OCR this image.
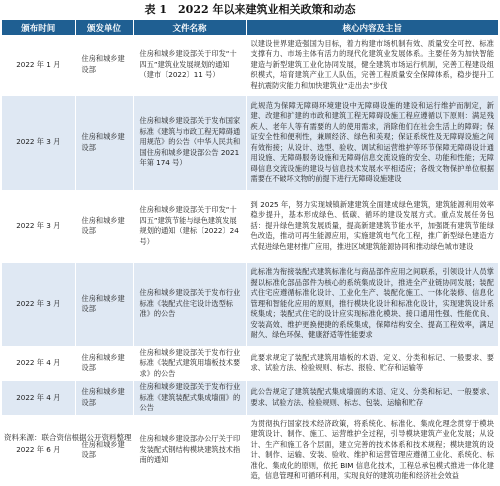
表 1　2022 年以来建筑业相关政策和动态
颁布时间	颁发单位	文件名称	核心内容及主旨
2022 年 1 月	住房和城乡建设部	住房和城乡建设部关于印发“十四五”建筑业发展规划的通知（建市〔2022〕11 号）	以建设世界建造强国为目标，着力构建市场机制有效、质量安全可控、标准支撑有力、市场主体有活力的现代化建筑业发展体系。主要任务为加快智能建造与新型建筑工业化协同发展，健全建筑市场运行机制，完善工程建设组织模式，培育建筑产业工人队伍，完善工程质量安全保障体系，稳步提升工程抗震防灾能力和加快建筑业“走出去”步伐
2022 年 3 月	住房和城乡建设部	住房和城乡建设部关于发布国家标准《建筑与市政工程无障碍通用规范》的公告（中华人民共和国住房和城乡建设部公告 2021 年第 174 号）	此规范为保障无障碍环境建设中无障碍设施的建设和运行维护而制定，新建、改建和扩建的市政和建筑工程无障碍设施工程应遵循以下原则：满足残疾人、老年人等有需要的人的使用需求，消除他们在社会生活上的障碍；保证安全性和便利性，兼顾经济、绿色和美观；保证系统性及无障碍设施之间有效衔接；从设计、选型、验收、调试和运营维护等环节保障无障碍设计通用设施、无障碍服务设施和无障碍信息交流设施的安全、功能和性能；无障碍信息交流设施的建设与信息技术发展水平相适应；各级文物保护单位根据需要在不破坏文物的前提下进行无障碍设施建设
2022 年 3 月	住房和城乡建设部	住房和城乡建设部关于印发“十四五”建筑节能与绿色建筑发展规划的通知（建标〔2022〕24 号）	到 2025 年，努力实现城镇新建建筑全面建成绿色建筑，建筑能源利用效率稳步提升，基本形成绿色、低碳、循环的建设发展方式。重点发展任务包括：提升绿色建筑发展质量，提高新建建筑节能水平，加强既有建筑节能绿色改造，推动可再生能源应用，实施建筑电气化工程，推广新型绿色建造方式促进绿色建材推广应用，推进区域建筑能源协同和推动绿色城市建设
2022 年 3 月	住房和城乡建设部	住房和城乡建设部关于发布行业标准《装配式住宅设计选型标准》的公告	此标准为衔接装配式建筑标准化与商品部件应用之间联系，引领设计人员掌握以标准化部品部件为核心的系统集成设计，推进全产业链协同发展；装配式住宅应遵循标准化设计、工业化生产、装配化施工、一体化装修、信息化管理和智能化应用的原则，推行模块化设计和标准化设计，实现建筑设计系统集成；装配式住宅的设计应实现标准化模块、接口通用性强、性能优良、安装高效、维护更换便捷的系统集成，保障结构安全、提高工程效率，满足耐久、绿色环保、健康舒适等性能要求
2022 年 4 月	住房和城乡建设部	住房和城乡建设部关于发布行业标准《装配式建筑用墙板技术要求》的公告	此要求规定了装配式建筑用墙板的术语、定义、分类和标记、一般要求、要求、试验方法、检验规则、标志、报验、贮存和运输等
2022 年 4 月	住房和城乡建设部	住房和城乡建设部关于发布行业标准《建筑装配式集成墙面》的公告	此公告规定了建筑装配式集成墙面的术语、定义、分类和标记、一般要求、要求、试验方法、检验规则、标志、包装、运输和贮存
2022 年 6 月	住房和城乡建设部	住房和城乡建设部办公厅关于印发装配式钢结构模块建筑技术指南的通知	为贯彻执行国家技术经济政策，将系统化、标准化、集成化理念贯穿于模块建筑设计、制作、施工、运营维护全过程，引导模块建筑产业化发展；从设计、生产和施工各个层面，建立完善的技术体系和技术规程；模块建筑的设计、制作、运输、安装、验收、维护和运营管理应遵循工业化、系统化、标准化、集成化的原则，依托 BIM 信息化技术，工程总承包模式推进一体化建造，信息管理和可循环利用，实现良好的建筑功能和经济社会效益
资料来源：联合资信根据公开资料整理
